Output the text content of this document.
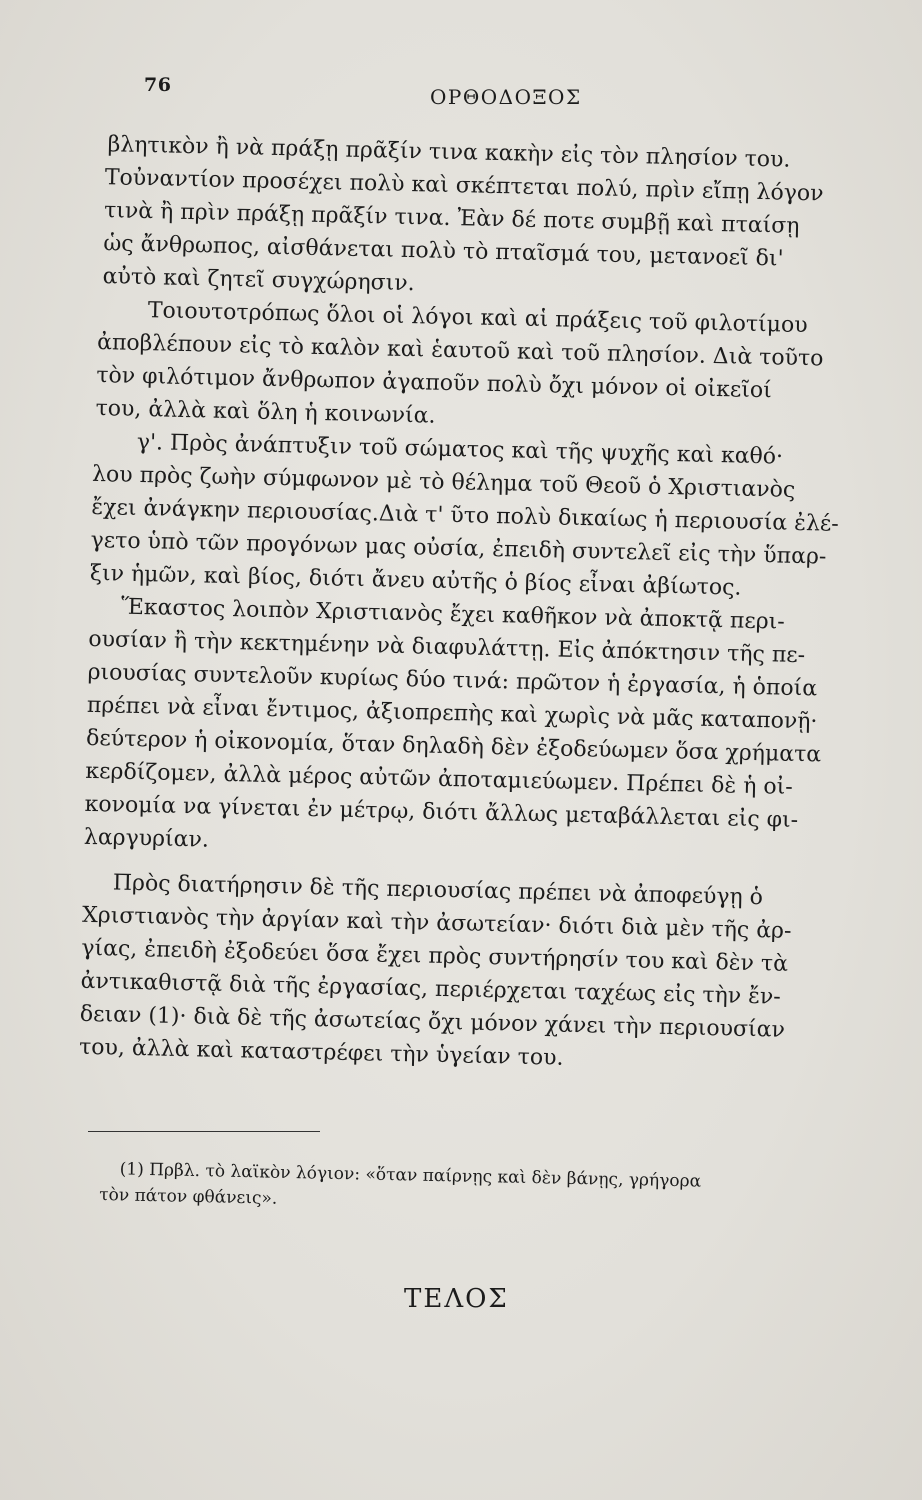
76	ΟΡΘΟΔΟΞΟΣ
βλητικὸν ἢ νὰ πράξῃ πρᾶξίν τινα κακὴν εἰς τὸν πλησίον του.
Τοὐναντίον προσέχει πολὺ καὶ σκέπτεται πολύ, πρὶν εἴπῃ λόγον
τινὰ ἢ πρὶν πράξῃ πρᾶξίν τινα. Ἐὰν δέ ποτε συμβῇ καὶ πταίσῃ
ὡς ἄνθρωπος, αἰσθάνεται πολὺ τὸ πταῖσμά του, μετανοεῖ δι'
αὐτὸ καὶ ζητεῖ συγχώρησιν.
Τοιουτοτρόπως ὅλοι οἱ λόγοι καὶ αἱ πράξεις τοῦ φιλοτίμου
ἀποβλέπουν εἰς τὸ καλὸν καὶ ἑαυτοῦ καὶ τοῦ πλησίον. Διὰ τοῦτο
τὸν φιλότιμον ἄνθρωπον ἀγαποῦν πολὺ ὄχι μόνον οἱ οἰκεῖοί
του, ἀλλὰ καὶ ὅλη ἡ κοινωνία.
γ'. Πρὸς ἀνάπτυξιν τοῦ σώματος καὶ τῆς ψυχῆς καὶ καθό·
λου πρὸς ζωὴν σύμφωνον μὲ τὸ θέλημα τοῦ Θεοῦ ὁ Χριστιανὸς
ἔχει ἀνάγκην περιουσίας.Διὰ τ' ῦτο πολὺ δικαίως ἡ περιουσία ἐλέ-
γετο ὑπὸ τῶν προγόνων μας οὐσία, ἐπειδὴ συντελεῖ εἰς τὴν ὕπαρ-
ξιν ἡμῶν, καὶ βίος, διότι ἄνευ αὐτῆς ὁ βίος εἶναι ἀβίωτος.
Ἕκαστος λοιπὸν Χριστιανὸς ἔχει καθῆκον νὰ ἀποκτᾷ περι-
ουσίαν ἢ τὴν κεκτημένην νὰ διαφυλάττῃ. Εἰς ἀπόκτησιν τῆς πε-
ριουσίας συντελοῦν κυρίως δύο τινά: πρῶτον ἡ ἐργασία, ἡ ὁποία
πρέπει νὰ εἶναι ἔντιμος, ἀξιοπρεπὴς καὶ χωρὶς νὰ μᾶς καταπονῇ·
δεύτερον ἡ οἰκονομία, ὅταν δηλαδὴ δὲν ἐξοδεύωμεν ὅσα χρήματα
κερδίζομεν, ἀλλὰ μέρος αὐτῶν ἀποταμιεύωμεν. Πρέπει δὲ ἡ οἰ-
κονομία να γίνεται ἐν μέτρῳ, διότι ἄλλως μεταβάλλεται εἰς φι-
λαργυρίαν.
Πρὸς διατήρησιν δὲ τῆς περιουσίας πρέπει νὰ ἀποφεύγῃ ὁ
Χριστιανὸς τὴν ἀργίαν καὶ τὴν ἀσωτείαν· διότι διὰ μὲν τῆς ἀρ-
γίας, ἐπειδὴ ἐξοδεύει ὅσα ἔχει πρὸς συντήρησίν του καὶ δὲν τὰ
ἀντικαθιστᾷ διὰ τῆς ἐργασίας, περιέρχεται ταχέως εἰς τὴν ἔν-
δειαν (1)· διὰ δὲ τῆς ἀσωτείας ὄχι μόνον χάνει τὴν περιουσίαν
του, ἀλλὰ καὶ καταστρέφει τὴν ὑγείαν του.
(1) Πρβλ. τὸ λαϊκὸν λόγιον: «ὅταν παίρνῃς καὶ δὲν βάνῃς, γρήγορα
τὸν πάτον φθάνεις».
ΤΕΛΟΣ
